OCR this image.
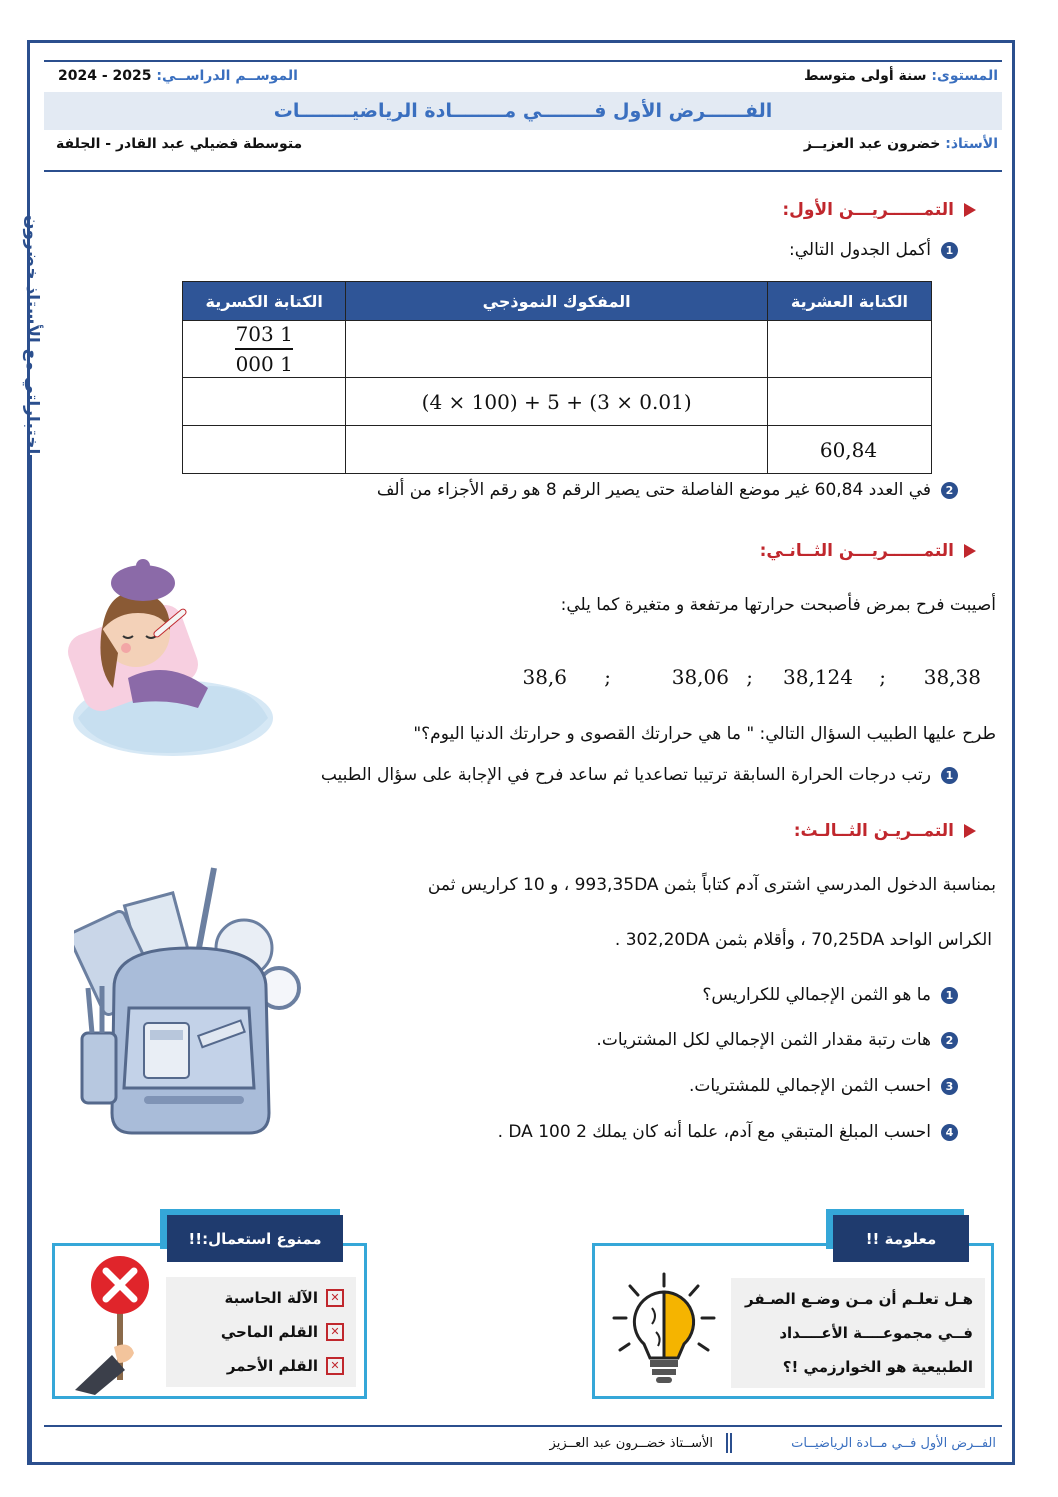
المستوى: سنة أولى متوسط
الموســم الدراســي: 2024 - 2025
الفــــــرض الأول فــــــــي مــــــــادة الرياضيــــــــات
الأستاذ: خضرون عبد العزيــز
متوسطة فضيلي عبد القادر - الجلفة
اختباراتي مع الأستاذ خضرون
التمــــــريـــن الأول:
1
أكمل الجدول التالي:
الكتابة العشرية	المفكوك النموذجي	الكتابة الكسرية

		$\frac{1 703}{1 000}$

	(4 × 100) + 5 + (3 × 0.01)	
60,84		
2
في العدد 60,84 غير موضع الفاصلة حتى يصير الرقم 8 هو رقم الأجزاء من ألف
التمــــــريـــن الثــانـي:
أصيبت فرح بمرض فأصبحت حرارتها مرتفعة و متغيرة كما يلي:
38,38
;
38,124
;
38,06
;
38,6
طرح عليها الطبيب السؤال التالي: " ما هي حرارتك القصوى و حرارتك الدنيا اليوم؟"
1
رتب درجات الحرارة السابقة ترتيبا تصاعديا ثم ساعد فرح في الإجابة على سؤال الطبيب
التمــريـن الثــالـث:
بمناسبة الدخول المدرسي اشترى آدم كتاباً بثمن 993,35DA ، و 10 كراريس ثمن
الكراس الواحد 70,25DA ، وأقلام بثمن 302,20DA .
1
ما هو الثمن الإجمالي للكراريس؟
2
هات رتبة مقدار الثمن الإجمالي لكل المشتريات.
3
احسب الثمن الإجمالي للمشتريات.
4
احسب المبلغ المتبقي مع آدم، علما أنه كان يملك 2 100 DA .
ممنوع استعمال:!!
✕
الآلة الحاسبة
✕
القلم الماحي
✕
القلم الأحمر
معلومة !!
هـل تعلـم أن مـن وضـع الصـفر
فــي مجموعــــة الأعــــداد
الطبيعية هو الخوارزمي !؟
الفــرض الأول فــي مــادة الرياضيــات
الأســتاذ خضــرون عبد العــزيز
